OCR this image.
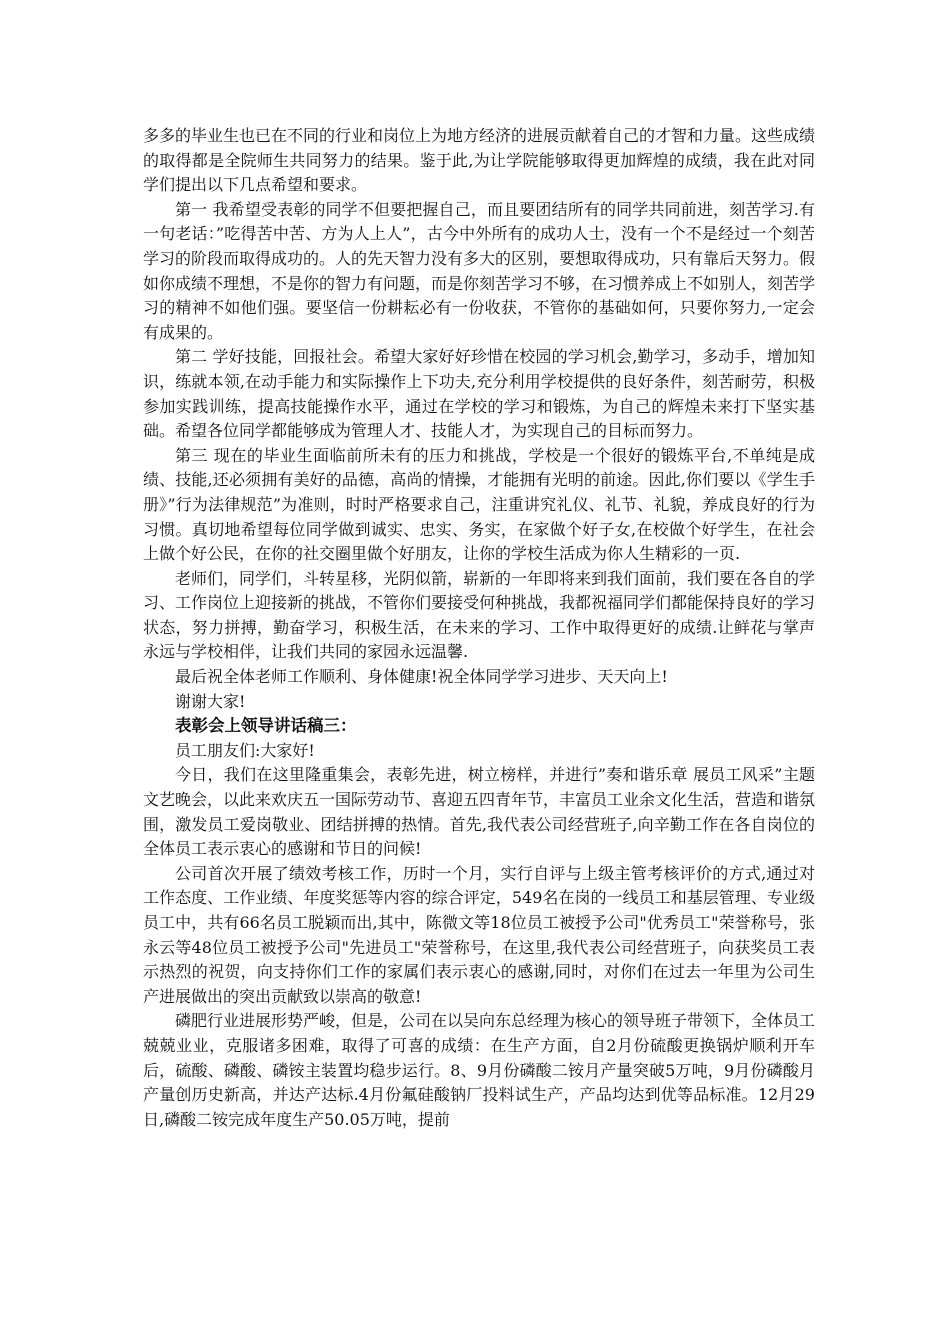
多多的毕业生也已在不同的行业和岗位上为地方经济的进展贡献着自己的才智和力量。这些成绩的取得都是全院师生共同努力的结果。鉴于此,为让学院能够取得更加辉煌的成绩，我在此对同学们提出以下几点希望和要求。

第一 我希望受表彰的同学不但要把握自己，而且要团结所有的同学共同前进，刻苦学习.有一句老话：”吃得苦中苦、方为人上人”，古今中外所有的成功人士，没有一个不是经过一个刻苦学习的阶段而取得成功的。人的先天智力没有多大的区别，要想取得成功，只有靠后天努力。假如你成绩不理想，不是你的智力有问题，而是你刻苦学习不够，在习惯养成上不如别人，刻苦学习的精神不如他们强。要坚信一份耕耘必有一份收获，不管你的基础如何，只要你努力,一定会有成果的。

第二 学好技能，回报社会。希望大家好好珍惜在校园的学习机会,勤学习，多动手，增加知识，练就本领,在动手能力和实际操作上下功夫,充分利用学校提供的良好条件，刻苦耐劳，积极参加实践训练，提高技能操作水平，通过在学校的学习和锻炼，为自己的辉煌未来打下坚实基础。希望各位同学都能够成为管理人才、技能人才，为实现自己的目标而努力。

第三 现在的毕业生面临前所未有的压力和挑战，学校是一个很好的锻炼平台,不单纯是成绩、技能,还必须拥有美好的品德，高尚的情操，才能拥有光明的前途。因此,你们要以《学生手册》”行为法律规范”为准则，时时严格要求自己，注重讲究礼仪、礼节、礼貌，养成良好的行为习惯。真切地希望每位同学做到诚实、忠实、务实，在家做个好子女,在校做个好学生，在社会上做个好公民，在你的社交圈里做个好朋友，让你的学校生活成为你人生精彩的一页.

老师们，同学们，斗转星移，光阴似箭，崭新的一年即将来到我们面前，我们要在各自的学习、工作岗位上迎接新的挑战，不管你们要接受何种挑战，我都祝福同学们都能保持良好的学习状态，努力拼搏，勤奋学习，积极生活，在未来的学习、工作中取得更好的成绩.让鲜花与掌声永远与学校相伴，让我们共同的家园永远温馨.

最后祝全体老师工作顺利、身体健康!祝全体同学学习进步、天天向上!

谢谢大家!

表彰会上领导讲话稿三：

员工朋友们:大家好!

今日，我们在这里隆重集会，表彰先进，树立榜样，并进行”奏和谐乐章 展员工风采”主题文艺晚会，以此来欢庆五一国际劳动节、喜迎五四青年节，丰富员工业余文化生活，营造和谐氛围，激发员工爱岗敬业、团结拼搏的热情。首先,我代表公司经营班子,向辛勤工作在各自岗位的全体员工表示衷心的感谢和节日的问候!

公司首次开展了绩效考核工作，历时一个月，实行自评与上级主管考核评价的方式,通过对工作态度、工作业绩、年度奖惩等内容的综合评定，549名在岗的一线员工和基层管理、专业级员工中，共有66名员工脱颖而出,其中，陈微文等18位员工被授予公司"优秀员工"荣誉称号，张永云等48位员工被授予公司"先进员工"荣誉称号，在这里,我代表公司经营班子，向获奖员工表示热烈的祝贺，向支持你们工作的家属们表示衷心的感谢,同时，对你们在过去一年里为公司生产进展做出的突出贡献致以崇高的敬意!

磷肥行业进展形势严峻，但是，公司在以吴向东总经理为核心的领导班子带领下，全体员工兢兢业业，克服诸多困难，取得了可喜的成绩：在生产方面，自2月份硫酸更换锅炉顺利开车后，硫酸、磷酸、磷铵主装置均稳步运行。8、9月份磷酸二铵月产量突破5万吨，9月份磷酸月产量创历史新高，并达产达标.4月份氟硅酸钠厂投料试生产，产品均达到优等品标准。12月29日,磷酸二铵完成年度生产50.05万吨，提前
